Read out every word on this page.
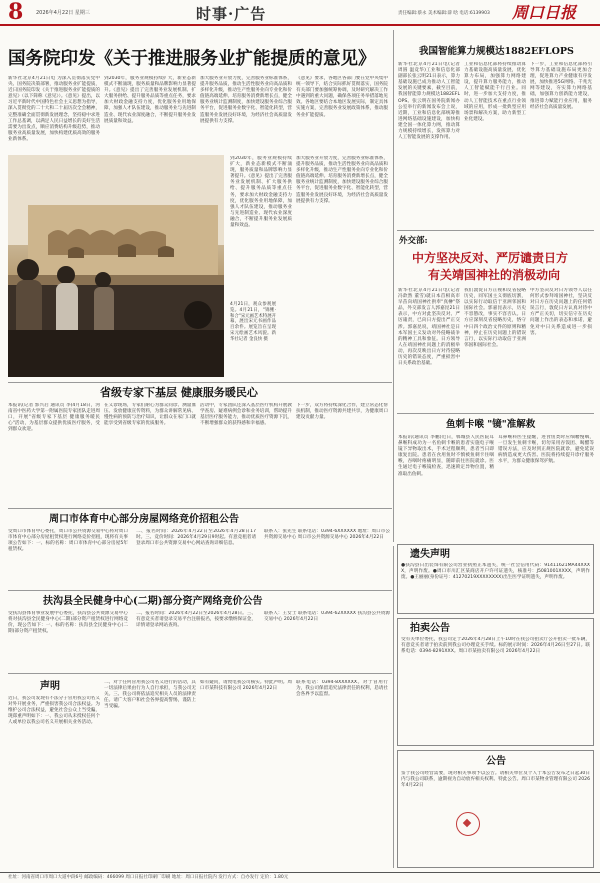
8	2026年4月22日 星期三	时事·广告	责任编辑:蔡永 美术编辑:薛 晗 电话:6139903 周口日报
国务院印发《关于推进服务业扩能提质的意见》
新华社北京4月21日电 为深入贯彻落实党中央、国务院决策部署，推动服务业扩能提质，近日国务院印发《关于推进服务业扩能提质的意见》（以下简称《意见》）。《意见》提出，以习近平新时代中国特色社会主义思想为指导，深入贯彻党的二十大和二十届历次全会精神，完整准确全面贯彻新发展理念，坚持稳中求进工作总基调，以满足人民日益增长的美好生活需要为出发点，顺应消费结构升级趋势，推动服务业高质量发展，加快构建优质高效的服务业新体系。
到2030年，服务业规模持续扩大，新业态新模式不断涌现，服务质量和品牌影响力显著提升。《意见》提出了完善服务业发展机制、扩大服务供给、提升服务品质等重点任务，要求加大财政金融支持力度，优化服务业用地保障，加强人才队伍建设，推动服务业与先进制造业、现代农业深度融合，不断提升服务业发展质量和效益。
加大服务业开放力度，完善服务业标准体系，提升服务品质，推动生活性服务业向高品质和多样化升级，推动生产性服务业向专业化和价值链高端延伸。培育服务消费新增长点，健全服务业统计监测制度，加快建设服务业综合服务平台，促进服务业数字化、智能化转型，营造服务业发展良好环境，为经济社会高质量发展提供有力支撑。
《意见》要求，各地区各部门要在党中央集中统一领导下，结合实际抓好贯彻落实，国务院有关部门要加强统筹协调，及时研究解决工作中遇到的重大问题，确保各项任务举措落地见效。各地区要结合本地区发展实际，制定具体实施方案，完善服务业发展政策体系，推动服务业扩能提质。
到2030年，服务业规模持续扩大，新业态新模式不断涌现，服务质量和品牌影响力显著提升。《意见》提出了完善服务业发展机制、扩大服务供给、提升服务品质等重点任务，要求加大财政金融支持力度，优化服务业用地保障，加强人才队伍建设，推动服务业与先进制造业、现代农业深度融合，不断提升服务业发展质量和效益。
加大服务业开放力度，完善服务业标准体系，提升服务品质，推动生活性服务业向高品质和多样化升级，推动生产性服务业向专业化和价值链高端延伸。培育服务消费新增长点，健全服务业统计监测制度，加快建设服务业综合服务平台，促进服务业数字化、智能化转型，营造服务业发展良好环境，为经济社会高质量发展提供有力支撑。
4月21日，观众参观展览。4月21日，"锦鲤·和合"宋元画艺术特展开幕，展出宋元书画作品百余件。展览旨在呈现宋元绘画艺术风貌。新华社记者 金良快 摄
我国智能算力规模达1882EFLOPS
新华社北京4月21日电(记者 周圆 温竞华)工业和信息化部副部长张云明21日表示，算力基础设施已成为推动人工智能发展的关键要素，截至目前，我国智能算力规模达1882EFLOPS。张云明在国务院新闻办公室举行的新闻发布会上说，近期，工业和信息化部统筹推进网络基础设施建设，加快构建全国一体化算力网，推动算力规模持续增长，发挥算力对人工智能发展的支撑作用。
工业和信息化部将持续推动算力基础设施高质量发展，优化算力布局，加强算力网络建设，提升算力服务能力，推动人工智能赋能千行百业。同时，进一步加大支持力度，推动人工智能技术在重点行业领域的应用，形成一批典型应用场景和解决方案，助力新型工业化建设。
下一步，工业和信息化部将引导算力基础设施布局更加合理，促进算力产业健康有序发展，加快推进5G网络、千兆光网等建设，夯实算力网络基础，加强算力创新能力建设，推进算力赋能行业应用，服务经济社会高质量发展。
外交部:
中方坚决反对、严厉谴责日方
有关靖国神社的消极动向
新华社北京4月21日电(记者 冯歆然 董雪)就日本首相高市早苗向靖国神社供奉"真榊"祭品，外交部发言人郭嘉昆21日表示，中方对此坚决反对、严厉谴责，已向日方提出严正交涉。郭嘉昆说，靖国神社是日本军国主义发动对外侵略战争的精神工具和象征。日方领导人在靖国神社问题上的消极举动，再次反映出日方对待侵略历史的错误态度，严重损害中日关系政治基础。
我们敦促日方正视和反省侵略历史，同军国主义彻底切割，以实际行动取信于亚洲邻国和国际社会。郭嘉昆表示，历史不容篡改，事实不容否认。日方应深刻反省侵略历史，恪守中日四个政治文件的原则和精神，停止在历史问题上的错误言行，以实际行动取信于亚洲邻国和国际社会。
中方坚决反对日方领导人以任何形式参拜靖国神社，坚决反对日方在历史问题上的任何错误言行，敦促日方认真对待中方严正关切，切实信守在历史问题上作出的表态和承诺，避免对中日关系造成进一步损害。
鱼刺卡喉 "镜"准解救
本报讯(通讯员 李鹏)近日，郸城县人民医院耳鼻喉科成功为一名鱼刺卡喉的患者实施电子喉镜下异物取出术，手术过程顺利，患者当日即康复出院。患者在食用鱼时不慎被鱼刺卡住咽喉，吞咽时疼痛明显，随即前往医院就诊。医生通过电子喉镜检查，迅速锁定异物位置，精准取出鱼刺。
耳鼻喉科医生提醒，进食鱼类时应细嚼慢咽，一旦发生鱼刺卡喉，切勿采用吞饭团、喝醋等错误方法，应及时到正规医院就诊，避免延误病情造成更大伤害。医院将持续提升诊疗服务水平，为群众健康保驾护航。
省级专家下基层 健康服务暖民心
本报讯(记者 郭兴启 通讯员 李)4月18日，河南省中医药大学第一附属医院专家团队走进周口，开展"省级专家下基层 健康服务暖民心"活动，为基层群众提供优质医疗服务，受到群众欢迎。
在义诊现场，专家们耐心为群众问诊、测量血压、发放健康宣传资料，为群众讲解常见病、慢性病的预防与治疗知识，让群众在家门口就能享受到省级专家的优质服务。
活动中，专家团队还深入基层医疗机构开展教学查房、疑难病例会诊和业务培训，帮助提升基层医疗服务能力，推动优质医疗资源下沉，不断增强群众的获得感和幸福感。
下一步，双方将持续深化合作，建立常态化帮扶机制，推动医疗资源共建共享，为健康周口建设贡献力量。
周口市体育中心部分房屋网络竞价招租公告
受周口市体育中心委托，周口市公共资源交易中心将对周口市体育中心部分房屋租赁权进行网络竞价招租，现将有关事项公告如下：一、标的名称：周口市体育中心部分房屋5年租赁权。
二、报名时间：2026年4月22日至2026年4月28日17时。三、竞价时间：2026年4月29日9时起。有意竞租者请登录周口市公共资源交易中心网站查询详细信息。
联系人：张先生 联系电话：0394-6XXXXXX 地址：周口市公共资源交易中心 周口市公共资源交易中心 2026年4月22日
扶沟县全民健身中心(二期)部分资产网络竞价公告
受扶沟县体育事业发展中心委托，扶沟县公共资源交易中心将对扶沟县全民健身中心(二期)部分资产租赁权进行网络竞价，现公告如下：一、标的名称：扶沟县全民健身中心(二期)部分资产租赁权。
二、报名时间：2026年4月22日至2026年4月28日。三、有意竞买者请登录交易平台注册报名，按要求缴纳保证金，详情请登录网站查询。
联系人：王女士 联系电话：0394-62XXXXX 扶沟县公共资源交易中心 2026年4月22日
声明
近日，我公司发现有不法分子冒用我公司名义对外开展业务，严重损害我公司合法权益。为维护公司合法权益，避免社会公众上当受骗，现郑重声明如下：一、我公司从未授权任何个人或单位以我公司名义开展相关业务活动。
二、对于任何冒用我公司名义进行的活动，其一切法律后果由行为人自行承担，与我公司无关。三、我公司将依法追究相关人员的法律责任。请广大客户和社会各界提高警惕，谨防上当受骗。
如有疑问，请致电我公司核实。特此声明。周口市某科技有限公司 2026年4月22日
联系电话：0394-8XXXXXX。对于冒用行为，我公司保留追究法律责任的权利，恳请社会各界予以监督。
遗失声明
●扶沟县日出装饰有限公司营业执照正本遗失，统一社会信用代码：91411621MA44XXXX，声明作废。●周口市川汇区某商店开户许可证遗失，核准号：J5081001XXXX，声明作废。●王丽丽(身份证号：41270219XXXXXXXX)出生医学证明遗失，声明作废。
拍卖公告
受有关单位委托，我公司定于2026年4月28日上午10时在我公司拍卖厅公开拍卖一批车辆，有意竞买者请于拍卖前到我公司办理竞买手续。标的展示时间：2026年4月26日至27日。联系电话：0394-8291XXX。周口市某拍卖有限公司 2026年4月22日
公告
鉴于我公司经营需要，现对相关事项予以公告。请相关单位及个人于本公告发布之日起30日内与我公司联系，逾期视为自动放弃相关权利。特此公告。周口市某物业管理有限公司 2026年4月22日
社址：河南省周口市周口大道中段6号 邮政编码：466099 周口日报社印刷厂印刷 地址：周口日报社院内 发行方式：自办发行 定价：1.80元
